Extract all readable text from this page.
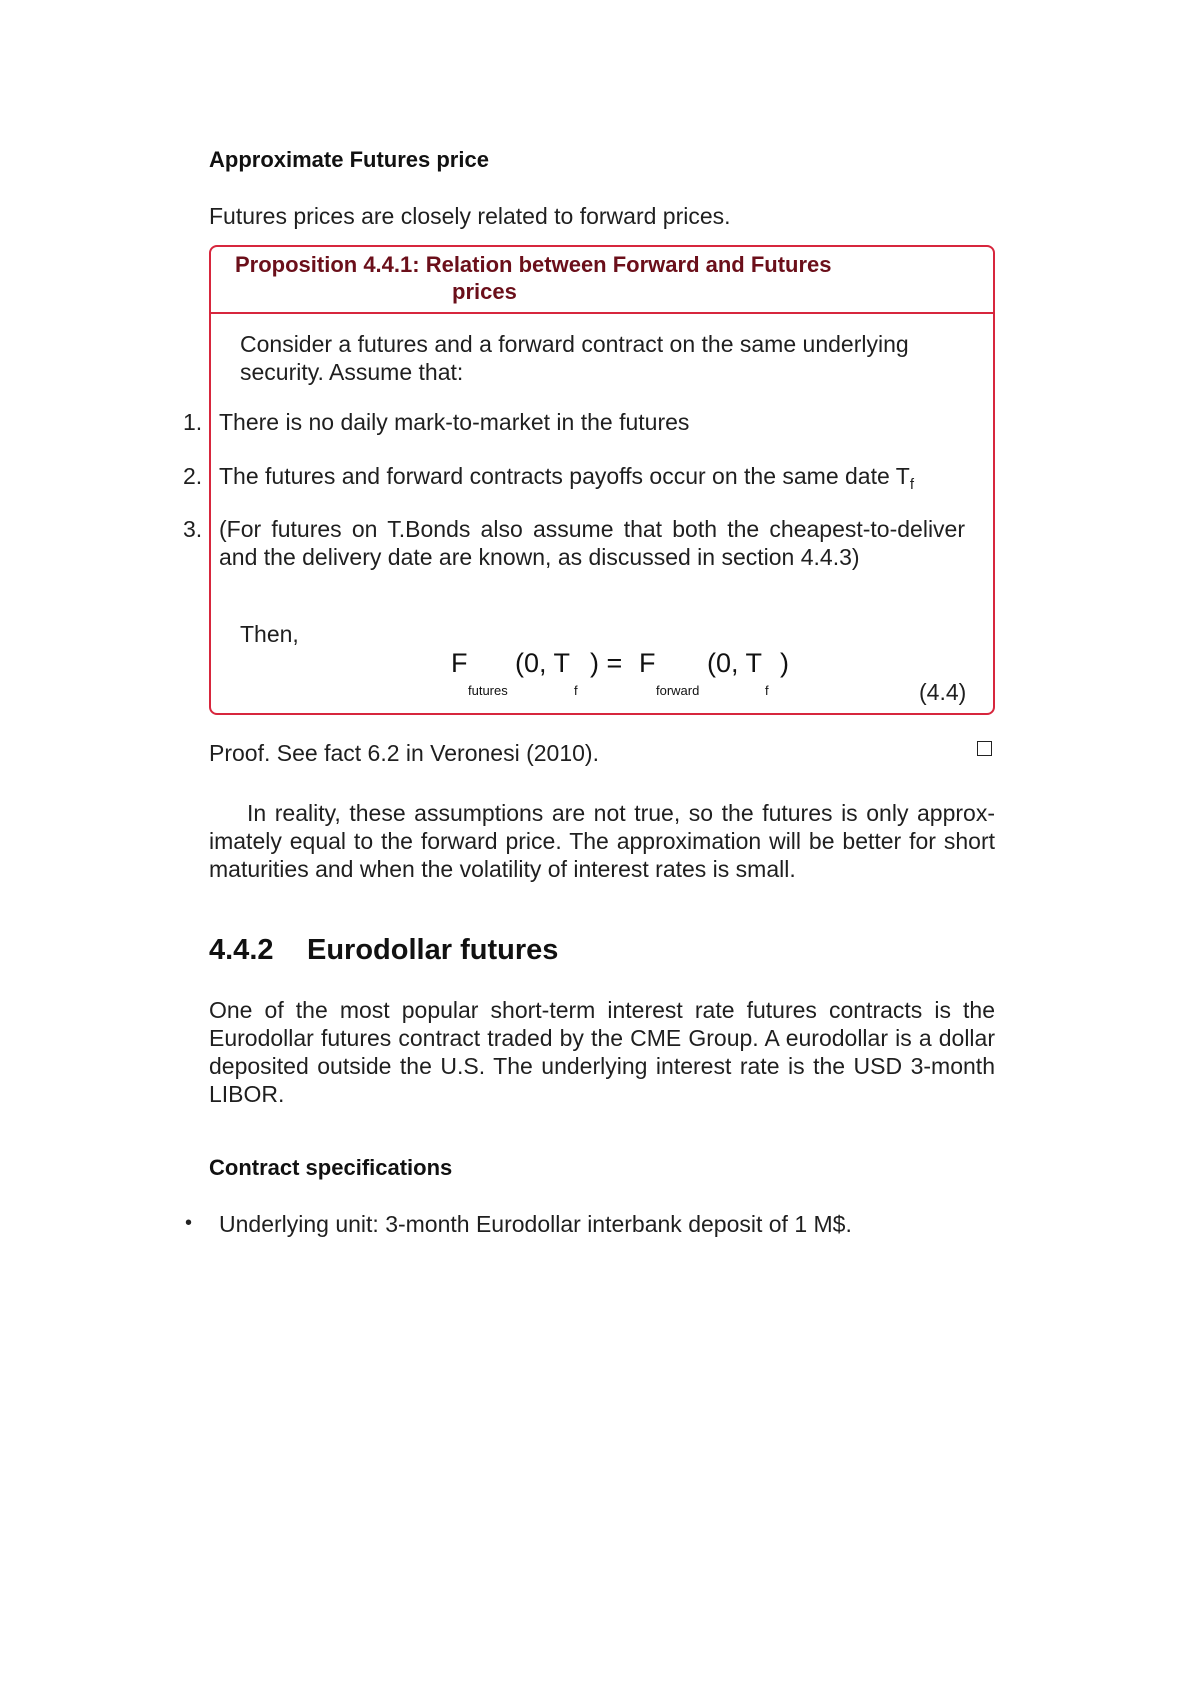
Approximate Futures price
Futures prices are closely related to forward prices.
Proposition 4.4.1: Relation between Forward and Futures
prices
Consider a futures and a forward contract on the same underlying
security. Assume that:
1. There is no daily mark-to-market in the futures
2. The futures and forward contracts payoffs occur on the same date $T_f$
3. (For futures on T.Bonds also assume that both the cheapest-to-deliver and the delivery date are known, as discussed in section 4.4.3)
Then,
F (0, T ) = F (0, T )
futures	f	forward	f	(4.4)
Proof. See fact 6.2 in Veronesi (2010).
In reality, these assumptions are not true, so the futures is only approx-imately equal to the forward price. The approximation will be better for short maturities and when the volatility of interest rates is small.
4.4.2 Eurodollar futures
One of the most popular short-term interest rate futures contracts is the Eurodollar futures contract traded by the CME Group. A eurodollar is a dollar deposited outside the U.S. The underlying interest rate is the USD 3-month LIBOR.
Contract specifications
• Underlying unit: 3-month Eurodollar interbank deposit of 1 M$.
